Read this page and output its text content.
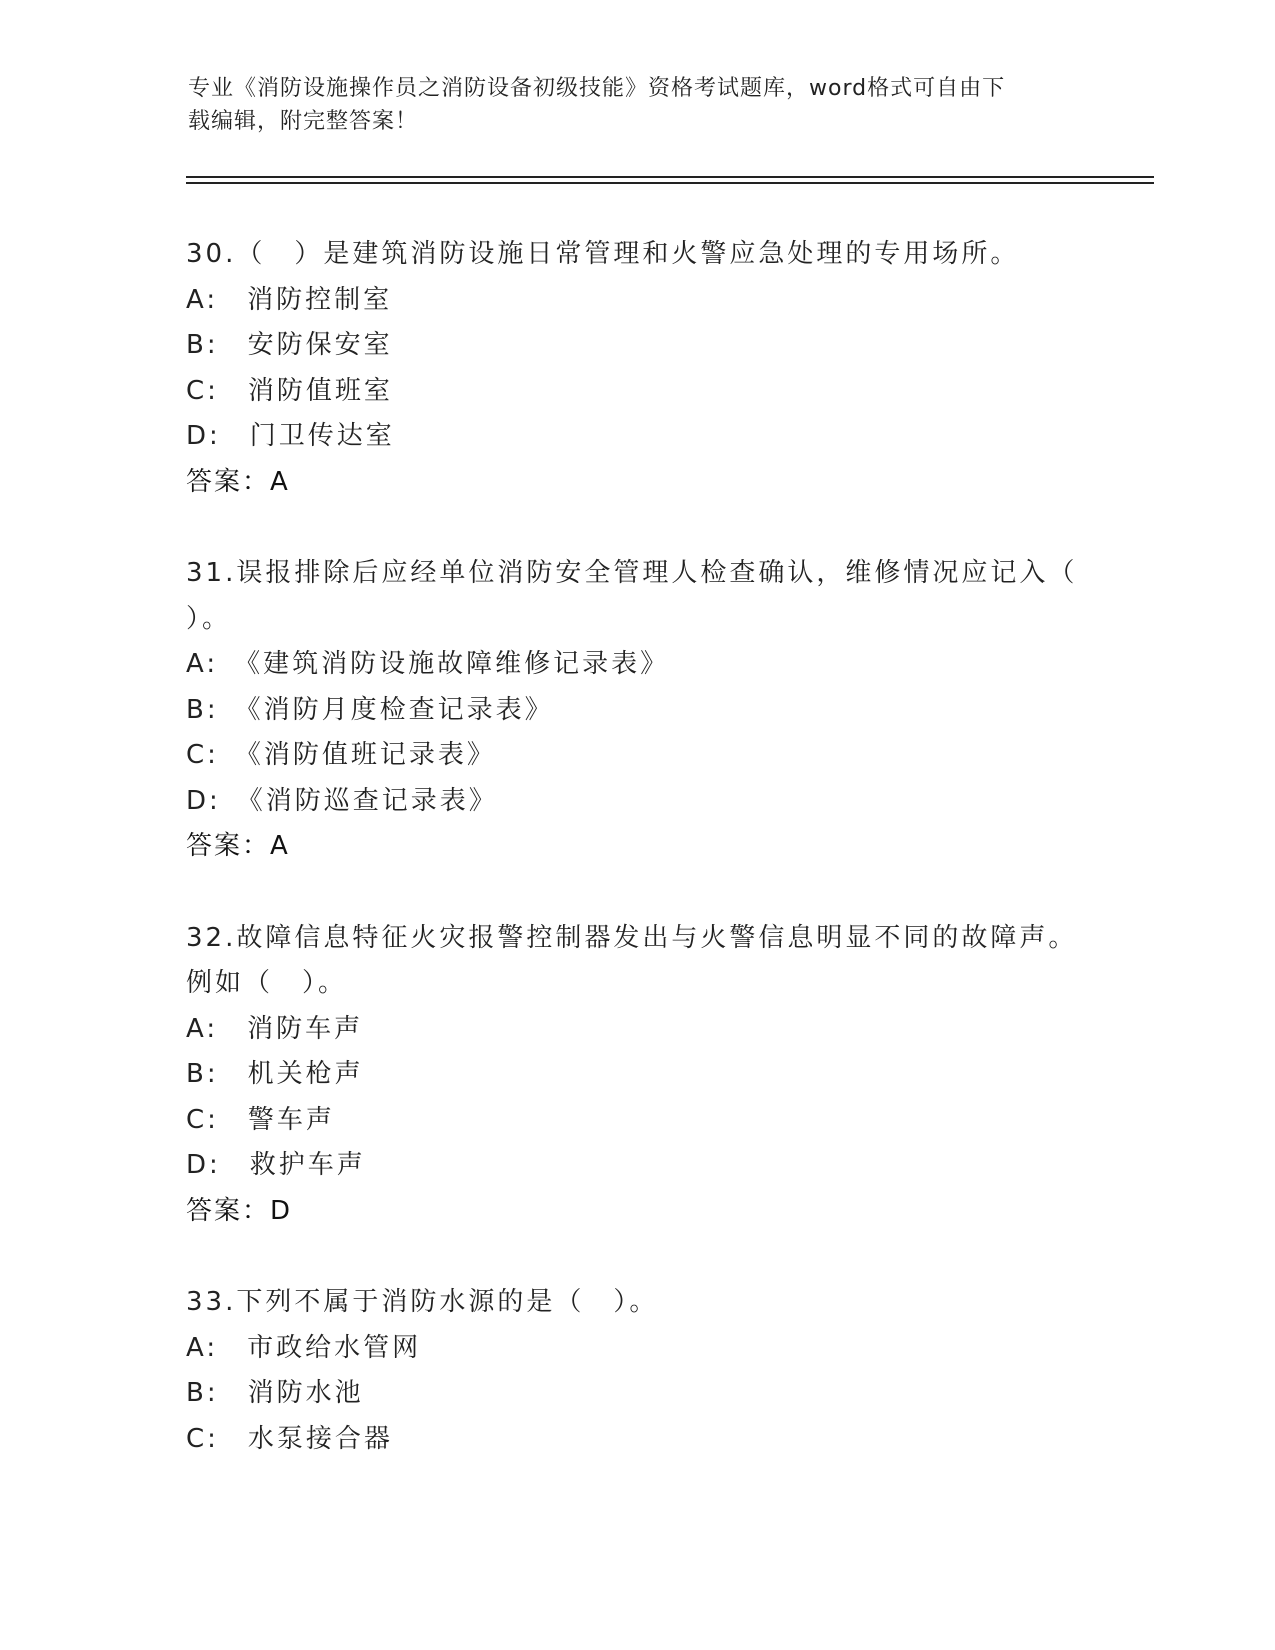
专业《消防设施操作员之消防设备初级技能》资格考试题库，word格式可自由下
载编辑，附完整答案！
30.（　）是建筑消防设施日常管理和火警应急处理的专用场所。
A:　消防控制室
B:　安防保安室
C:　消防值班室
D:　门卫传达室
答案：A
31.误报排除后应经单位消防安全管理人检查确认，维修情况应记入（
）。
A:　《建筑消防设施故障维修记录表》
B:　《消防月度检查记录表》
C:　《消防值班记录表》
D:　《消防巡查记录表》
答案：A
32.故障信息特征火灾报警控制器发出与火警信息明显不同的故障声。
例如（　）。
A:　消防车声
B:　机关枪声
C:　警车声
D:　救护车声
答案：D
33.下列不属于消防水源的是（　）。
A:　市政给水管网
B:　消防水池
C:　水泵接合器
